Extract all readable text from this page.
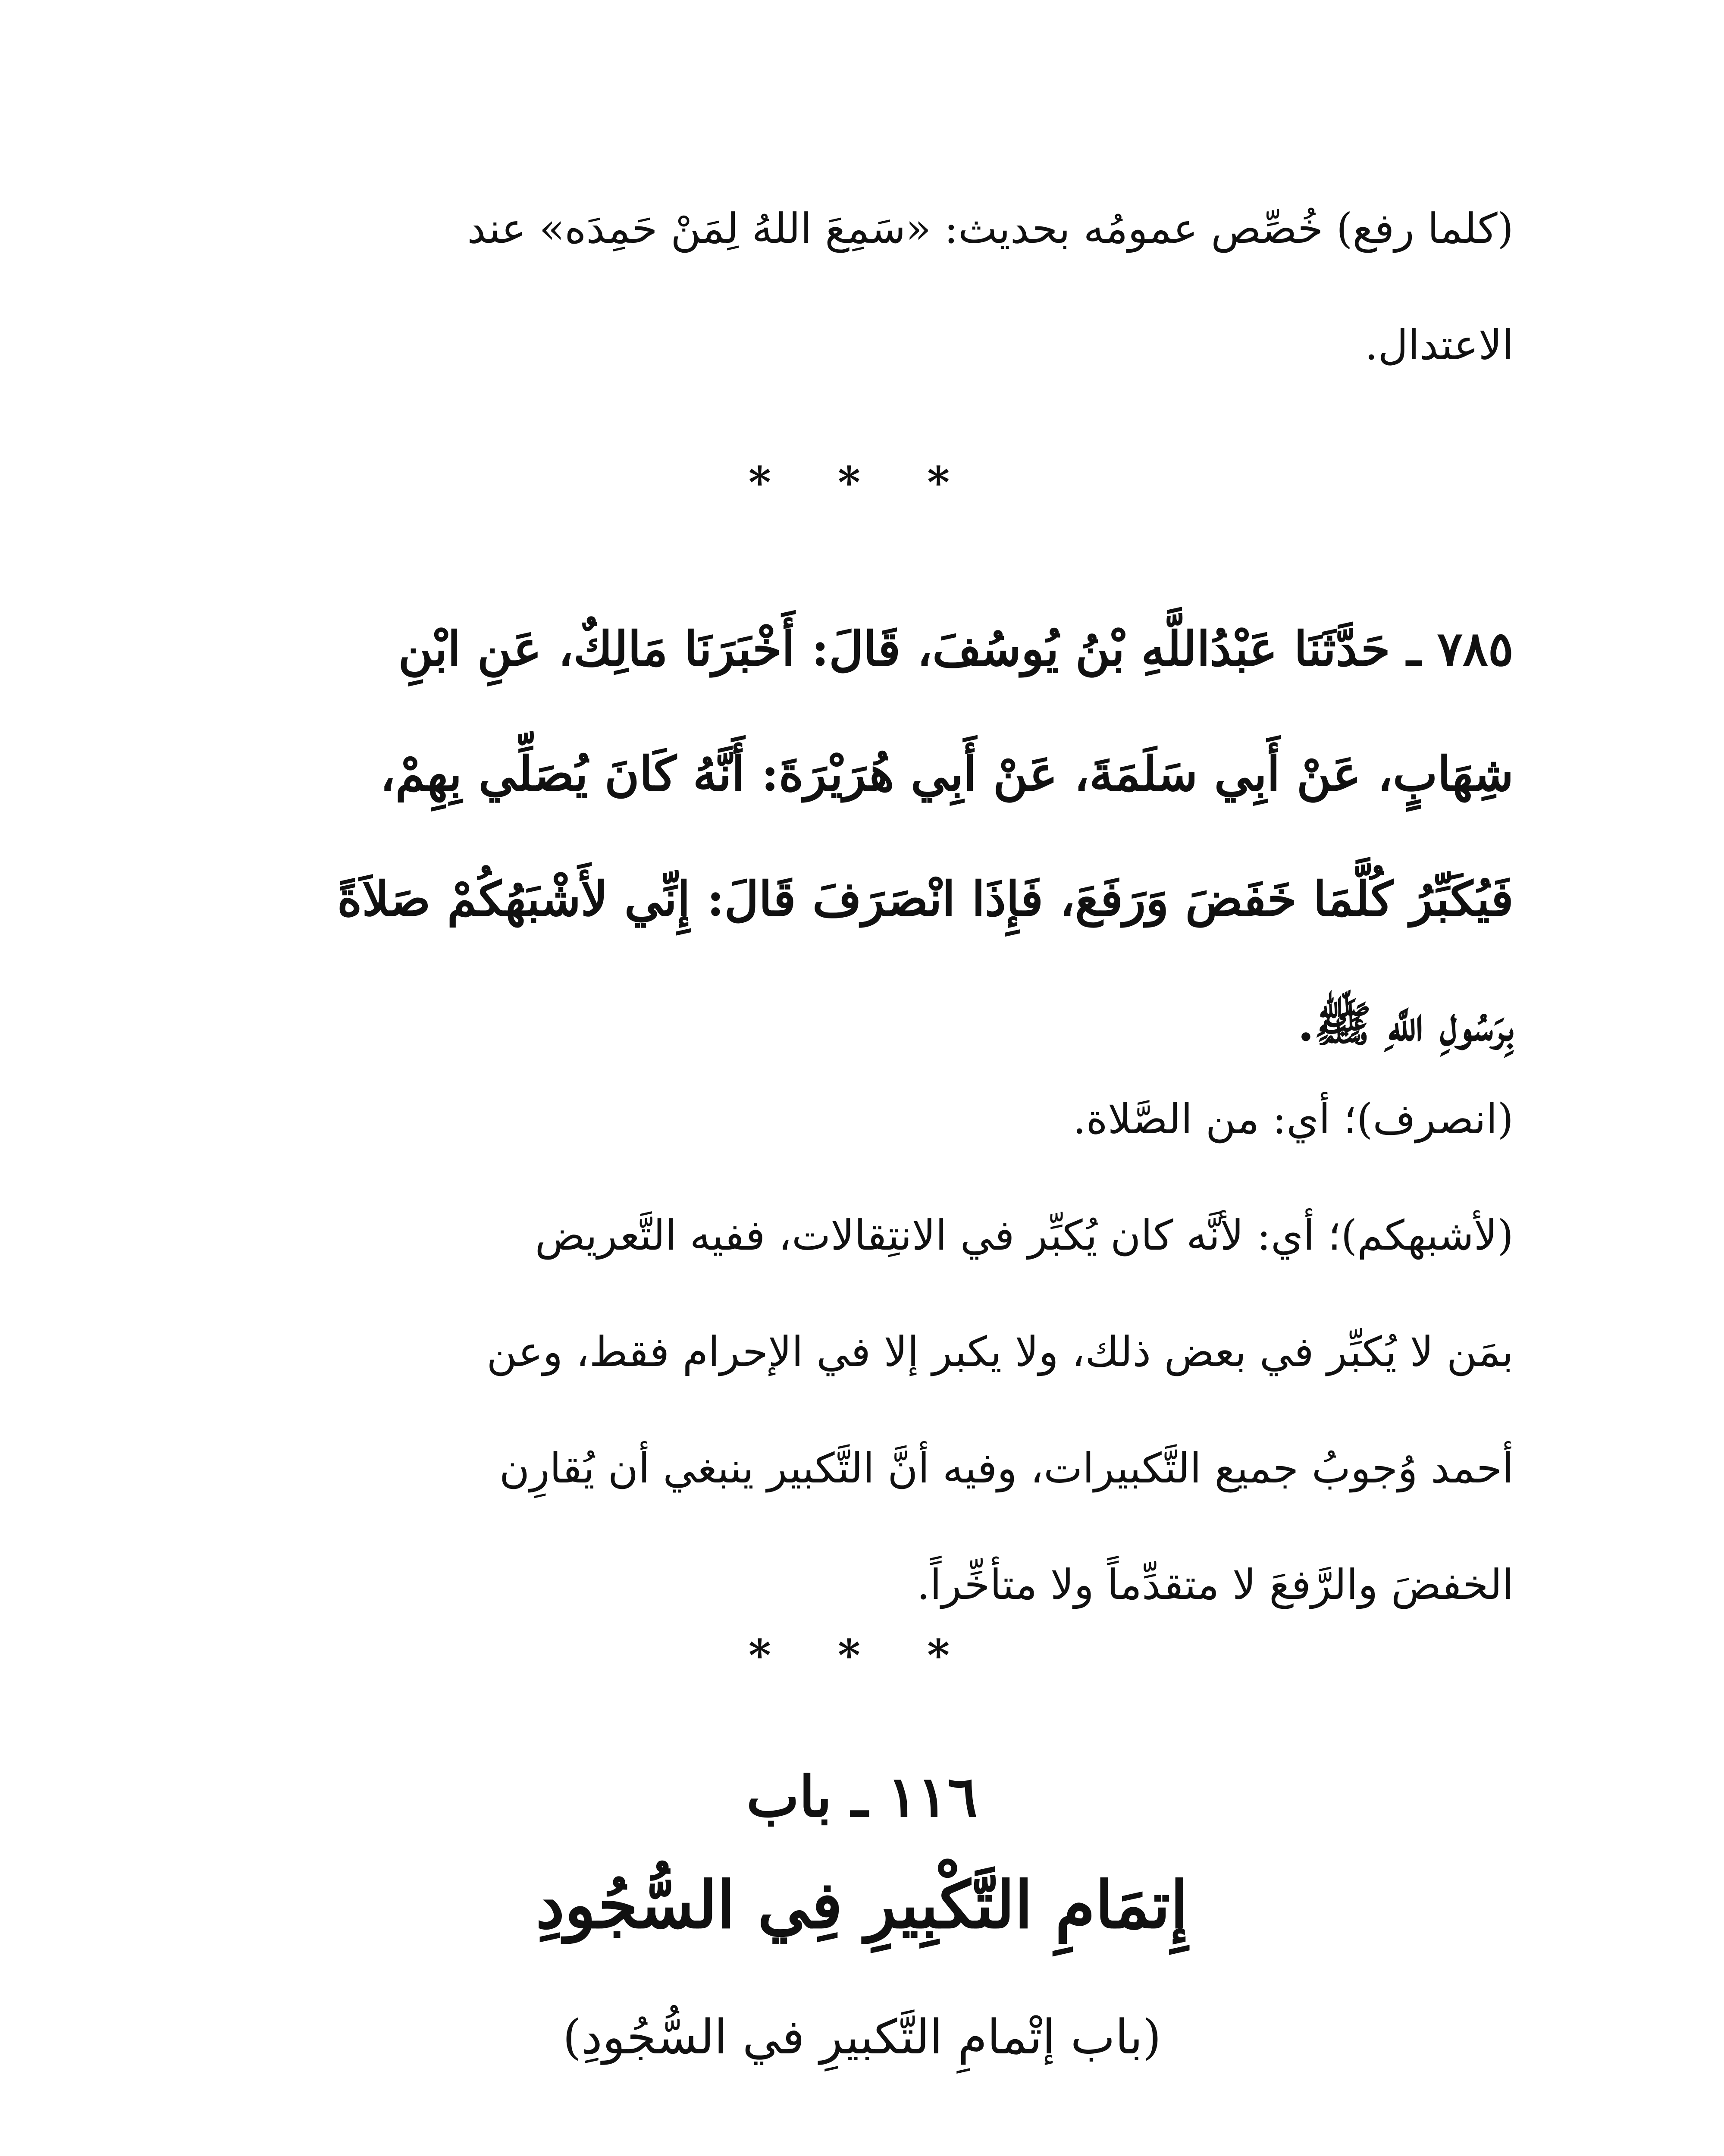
(كلما رفع) خُصِّص عمومُه بحديث: «سَمِعَ اللهُ لِمَنْ حَمِدَه» عند
الاعتدال.
* * *
٧٨٥ ـ حَدَّثَنَا عَبْدُاللَّهِ بْنُ يُوسُفَ، قَالَ: أَخْبَرَنَا مَالِكٌ، عَنِ ابْنِ
شِهَابٍ، عَنْ أَبِي سَلَمَةَ، عَنْ أَبِي هُرَيْرَةَ: أَنَّهُ كَانَ يُصَلِّي بِهِمْ،
فَيُكَبِّرُ كُلَّمَا خَفَضَ وَرَفَعَ، فَإِذَا انْصَرَفَ قَالَ: إِنِّي لأَشْبَهُكُمْ صَلاَةً
بِرَسُولِ اللَّهِ ﷺ.
(انصرف)؛ أي: من الصَّلاة.
(لأشبهكم)؛ أي: لأنَّه كان يُكبِّر في الانتِقالات، ففيه التَّعريض
بمَن لا يُكبِّر في بعض ذلك، ولا يكبر إلا في الإحرام فقط، وعن
أحمد وُجوبُ جميع التَّكبيرات، وفيه أنَّ التَّكبير ينبغي أن يُقارِن
الخفضَ والرَّفعَ لا متقدِّماً ولا متأخِّراً.
* * *
١١٦ ـ باب
إِتمَامِ التَّكْبِيرِ فِي السُّجُودِ
(باب إتْمامِ التَّكبيرِ في السُّجُودِ)
